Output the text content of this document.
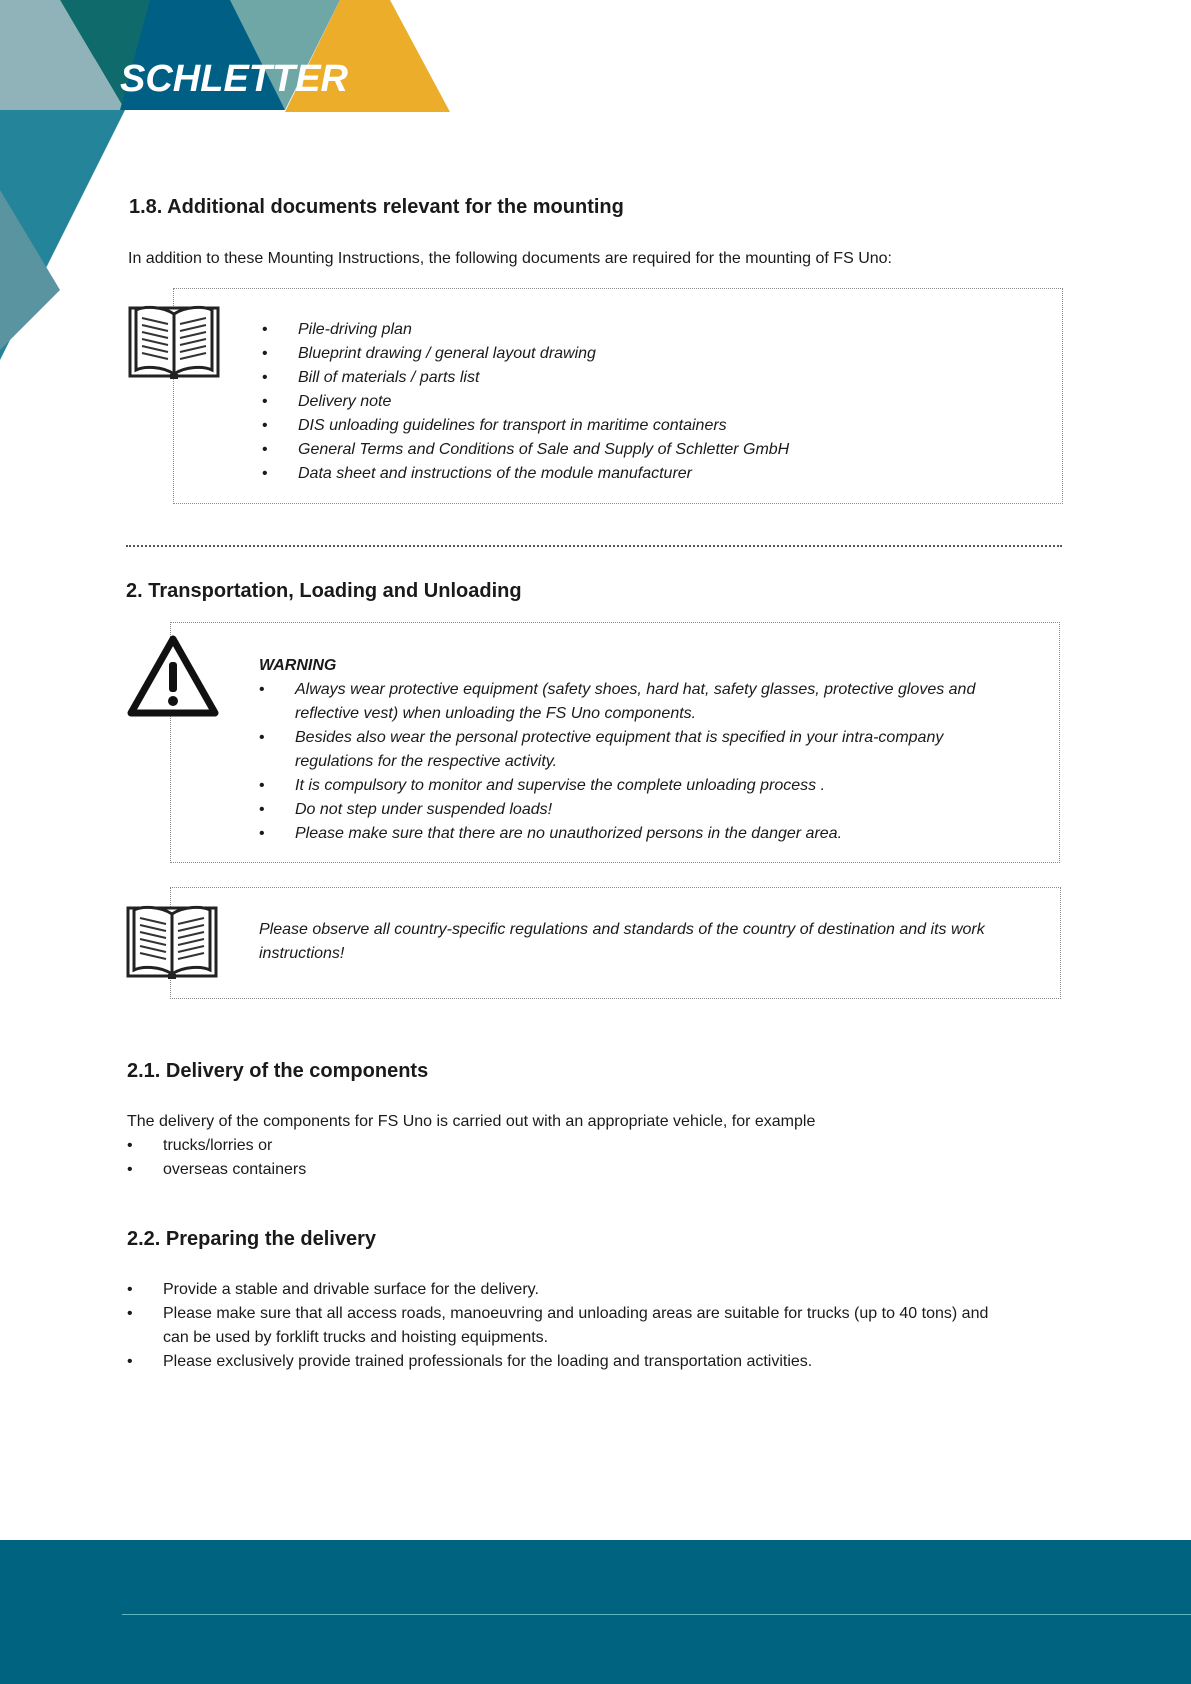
SCHLETTER
1.8. Additional documents relevant for the mounting

In addition to these Mounting Instructions, the following documents are required for the mounting of FS Uno:

• Pile-driving plan
• Blueprint drawing / general layout drawing
• Bill of materials / parts list
• Delivery note
• DIS unloading guidelines for transport in maritime containers
• General Terms and Conditions of Sale and Supply of Schletter GmbH
• Data sheet and instructions of the module manufacturer
2. Transportation, Loading and Unloading
WARNING
• Always wear protective equipment (safety shoes, hard hat, safety glasses, protective gloves and reflective vest) when unloading the FS Uno components.
• Besides also wear the personal protective equipment that is specified in your intra-company regulations for the respective activity.
• It is compulsory to monitor and supervise the complete unloading process .
• Do not step under suspended loads!
• Please make sure that there are no unauthorized persons in the danger area.

Please observe all country-specific regulations and standards of the country of destination and its work instructions!

2.1. Delivery of the components

The delivery of the components for FS Uno is carried out with an appropriate vehicle, for example

• trucks/lorries or
• overseas containers
2.2. Preparing the delivery
• Provide a stable and drivable surface for the delivery.
• Please make sure that all access roads, manoeuvring and unloading areas are suitable for trucks (up to 40 tons) and can be used by forklift trucks and hoisting equipments.
• Please exclusively provide trained professionals for the loading and transportation activities.
